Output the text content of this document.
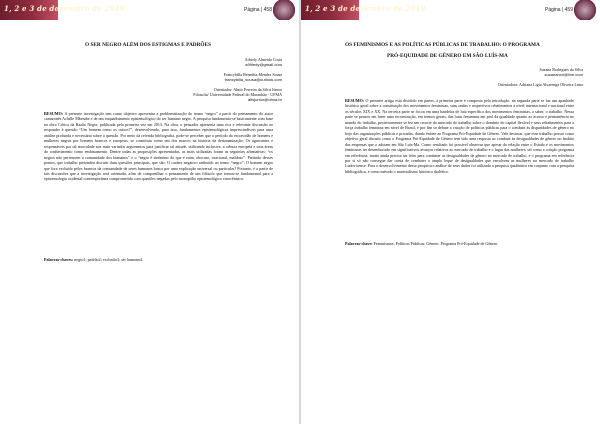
1, 2 e 3 de dezembro de 2019	Página | 458
O SER NEGRO ALÉM DOS ESTIGMAS E PADRÕES
Adriely Almeida Costa
a99ledy@gmail.com
Francybilla Benedita Mendes Sousa
francybilla_sousa@outlook.com
Orientador: Almir Ferreira da Silva Júnior
Filosofia/ Universidade Federal do Maranhão - UFMA
alfsjunior@ufma.br
RESUMO: A presente investigação tem como objetivo apresentar a problematização do termo “negro” a partir do pensamento do autor camaronês Achille Mbembe e de um enquadramento epistemológico do ser humano negro. A pesquisa fundamenta-se basicamente com base na obra Crítica da Razão Negra, publicada pela primeira vez em 2013. Na obra, o pensador apresenta uma rica e relevante discussão ao responder à questão “Um homem como os outros?”, desenvolvendo, para isso, fundamentos epistemológicos imprescindíveis para uma análise profunda e necessária sobre a questão. Por meio da referida bibliografia, pode-se perceber que o período do escravidão de homens e mulheres negras por homens brancos e europeus, se constituiu como um dos marcos na história da desumanização. Os agravantes e responsáveis por tal atrocidade nos mais variados argumentos para justificar tal atitude, utilizando inclusive, a ciência europeia e suas áreas do conhecimento como embasamento. Dentre todas as proposições apresentadas, as mais utilizadas foram as seguintes afirmativas: “os negros não pertencem a comunidade dos humanos” e o “negro é sinônimo do que é ruim, obscuro, irracional, maldoso”. Partindo desses pontos, que trabalho pretendeu discutir duas questões principais, que são: O caráter negativo atribuído ao termo “negro”; O homem negro que fora excluído pelos brancos da comunidade de seres humanos busca por uma explicação universal ou particular? Portanto, é a partir de tais discussões que a investigação será orientada, afim de compartilhar o pensamento de um filósofo que tornou-se fundamental para a epistemologia ocidental contemporânea comprometida com questões negadas pelo monopólio epistemológico eurocêntrico.
Palavras-chaves: negro1; padrão2; exclusão3; ser humano4.
1, 2 e 3 de dezembro de 2019	Página | 459
OS FEMINISMOS E AS POLÍTICAS PÚBLICAS DE TRABALHO: O PROGRAMA
PRÓ-EQUIDADE DE GÊNERO EM SÃO LUÍS-MA
Suzana Rodrigues da Silva
suzanaroxi@live.com
Orientadora: Adriana Ligia Alvarenga Oliveira Lima
RESUMO: O presente artigo está dividido em partes, a primeira parte é composta pela introdução, na segunda parte se faz um apanhado histórico geral sobre a constituição dos movimentos feministas, suas ondas e respectivos rebatimentos a nível internacional e nacional entre os séculos XIX e XX. Na terceira parte se focou em uma bandeira de luta específica dos movimentos feministas, a saber, o trabalho. Nessa parte se pensou em fazer uma reconstrução, em termos gerais, das lutas femininas em prol da igualdade quanto ao acesso e permanência no mundo do trabalho, posteriormente se fez um recorte do mercado do trabalho sobre o domínio do capital flexível e seus rebatimentos para a força trabalho feminina em nível de Brasil, e por fim se debate a criação de políticas públicas para o combate às disparidades de gênero no bojo das organizações públicas e privadas, dando ênfase ao Programa Pró-Equidade de Gênero. Vale destacar, que esse trabalho possui como objetivo geral discutir como o Programa Pró-Equidade de Gênero tem sido uma resposta ao combate às desigualdades de gênero no âmbito das empresas que o adotam em São Luís-Ma. Como resultado foi possível observar que apesar da relação entre o Estado e os movimentos feministas ter desembocado em significativos avanços relativos ao mercado de trabalho e o lugar das mulheres, tal como a criação programa em referência, muito ainda precisa ser feito para combater as desigualdades de gênero no mercado de trabalho, e o programa em referência por si só não consegue dar conta de combater o amplo leque de desigualdades que envolvem as mulheres no mercado de trabalho Ludovicense. Para o desenvolvimento dessa pesquisa e análise de seus dados foi utilizada a pesquisa qualitativa em conjunto com a pesquisa bibliográfica, e como método o materialismo histórico dialético.
Palavras-chave: Feminismos; Políticas Públicas; Gênero; Programa Pró-Equidade de Gênero.
